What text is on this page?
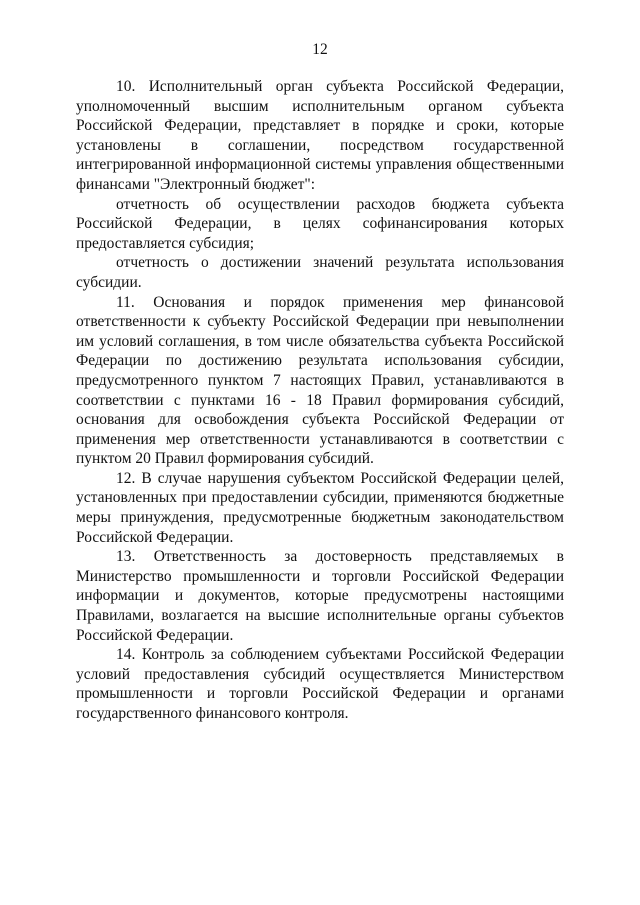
12

10. Исполнительный орган субъекта Российской Федерации, уполномоченный высшим исполнительным органом субъекта Российской Федерации, представляет в порядке и сроки, которые установлены в соглашении, посредством государственной интегрированной информационной системы управления общественными финансами "Электронный бюджет":

отчетность об осуществлении расходов бюджета субъекта Российской Федерации, в целях софинансирования которых предоставляется субсидия;

отчетность о достижении значений результата использования субсидии.

11. Основания и порядок применения мер финансовой ответственности к субъекту Российской Федерации при невыполнении им условий соглашения, в том числе обязательства субъекта Российской Федерации по достижению результата использования субсидии, предусмотренного пунктом 7 настоящих Правил, устанавливаются в соответствии с пунктами 16 - 18 Правил формирования субсидий, основания для освобождения субъекта Российской Федерации от применения мер ответственности устанавливаются в соответствии с пунктом 20 Правил формирования субсидий.

12. В случае нарушения субъектом Российской Федерации целей, установленных при предоставлении субсидии, применяются бюджетные меры принуждения, предусмотренные бюджетным законодательством Российской Федерации.

13. Ответственность за достоверность представляемых в Министерство промышленности и торговли Российской Федерации информации и документов, которые предусмотрены настоящими Правилами, возлагается на высшие исполнительные органы субъектов Российской Федерации.

14. Контроль за соблюдением субъектами Российской Федерации условий предоставления субсидий осуществляется Министерством промышленности и торговли Российской Федерации и органами государственного финансового контроля.
